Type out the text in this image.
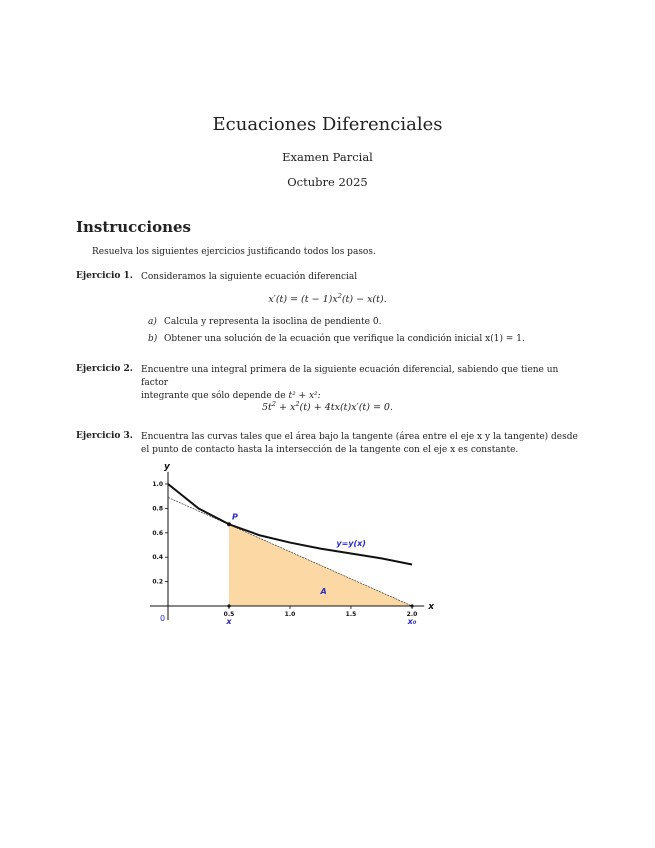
Ecuaciones Diferenciales
Examen Parcial
Octubre 2025
Instrucciones
Resuelva los siguientes ejercicios justificando todos los pasos.
Ejercicio 1. Consideramos la siguiente ecuación diferencial
$x'(t) = (t - 1)x^2(t) - x(t)$.
a) Calcula y representa la isoclina de pendiente 0.
b) Obtener una solución de la ecuación que verifique la condición inicial x(1) = 1.
Ejercicio 2. Encuentre una integral primera de la siguiente ecuación diferencial, sabiendo que tiene un factor
integrante que sólo depende de t² + x²:
$5t^2 + x^2(t) + 4tx(t)x'(t) = 0$.
Ejercicio 3. Encuentra las curvas tales que el área bajo la tangente (área entre el eje x y la tangente) desde
el punto de contacto hasta la intersección de la tangente con el eje x es constante.
x
y
0.5	1.0	1.5	2.0
0.2
0.4
0.6
0.8
1.0
0
y=y(x)
P
A
x	x₀
